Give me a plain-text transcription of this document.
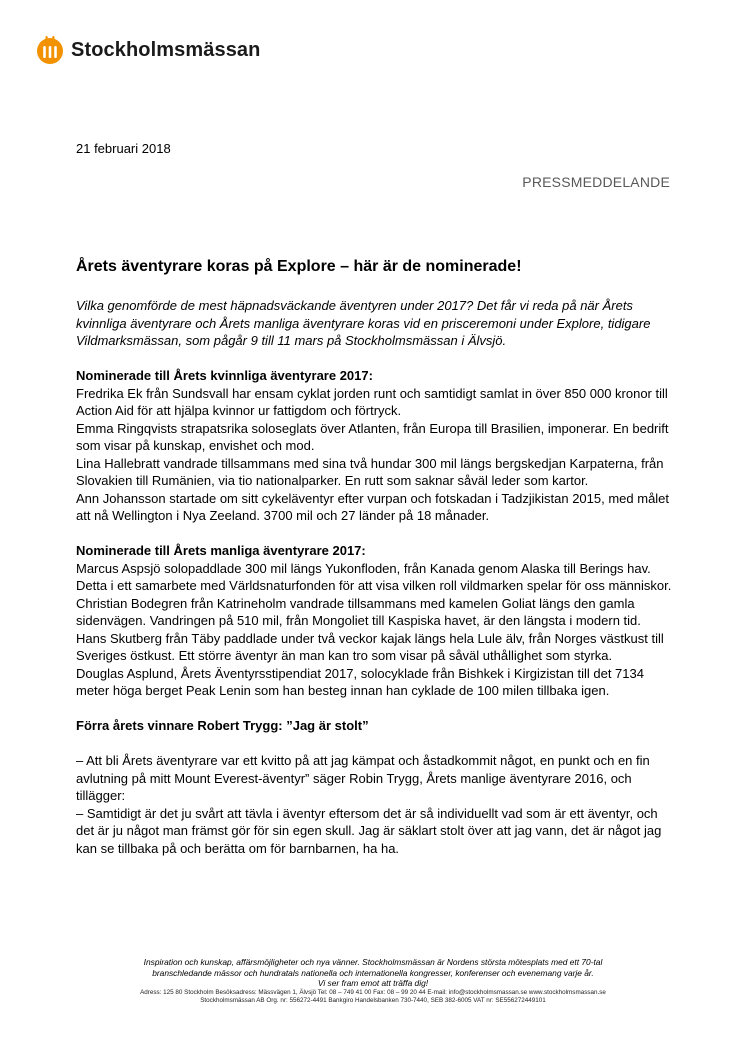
Stockholmsmässan
21 februari 2018
PRESSMEDDELANDE
Årets äventyrare koras på Explore – här är de nominerade!

Vilka genomförde de mest häpnadsväckande äventyren under 2017? Det får vi reda på när Årets kvinnliga äventyrare och Årets manliga äventyrare koras vid en prisceremoni under Explore, tidigare Vildmarksmässan, som pågår 9 till 11 mars på Stockholmsmässan i Älvsjö.

Nominerade till Årets kvinnliga äventyrare 2017:

Fredrika Ek från Sundsvall har ensam cyklat jorden runt och samtidigt samlat in över 850 000 kronor till Action Aid för att hjälpa kvinnor ur fattigdom och förtryck.

Emma Ringqvists strapatsrika soloseglats över Atlanten, från Europa till Brasilien, imponerar. En bedrift som visar på kunskap, envishet och mod.

Lina Hallebratt vandrade tillsammans med sina två hundar 300 mil längs bergskedjan Karpaterna, från Slovakien till Rumänien, via tio nationalparker. En rutt som saknar såväl leder som kartor.

Ann Johansson startade om sitt cykeläventyr efter vurpan och fotskadan i Tadzjikistan 2015, med målet att nå Wellington i Nya Zeeland. 3700 mil och 27 länder på 18 månader.

Nominerade till Årets manliga äventyrare 2017:

Marcus Aspsjö solopaddlade 300 mil längs Yukonfloden, från Kanada genom Alaska till Berings hav. Detta i ett samarbete med Världsnaturfonden för att visa vilken roll vildmarken spelar för oss människor.

Christian Bodegren från Katrineholm vandrade tillsammans med kamelen Goliat längs den gamla sidenvägen. Vandringen på 510 mil, från Mongoliet till Kaspiska havet, är den längsta i modern tid.

Hans Skutberg från Täby paddlade under två veckor kajak längs hela Lule älv, från Norges västkust till Sveriges östkust. Ett större äventyr än man kan tro som visar på såväl uthållighet som styrka.

Douglas Asplund, Årets Äventyrsstipendiat 2017, solocyklade från Bishkek i Kirgizistan till det 7134 meter höga berget Peak Lenin som han besteg innan han cyklade de 100 milen tillbaka igen.

Förra årets vinnare Robert Trygg: ”Jag är stolt”

– Att bli Årets äventyrare var ett kvitto på att jag kämpat och åstadkommit något, en punkt och en fin avlutning på mitt Mount Everest-äventyr” säger Robin Trygg, Årets manlige äventyrare 2016, och tillägger:

– Samtidigt är det ju svårt att tävla i äventyr eftersom det är så individuellt vad som är ett äventyr, och det är ju något man främst gör för sin egen skull. Jag är säklart stolt över att jag vann, det är något jag kan se tillbaka på och berätta om för barnbarnen, ha ha.

Inspiration och kunskap, affärsmöjligheter och nya vänner. Stockholmsmässan är Nordens största mötesplats med ett 70-tal
branschledande mässor och hundratals nationella och internationella kongresser, konferenser och evenemang varje år.
Vi ser fram emot att träffa dig!
Adress: 125 80 Stockholm Besöksadress: Mässvägen 1, Älvsjö Tel: 08 – 749 41 00 Fax: 08 – 99 20 44 E-mail: info@stockholmsmassan.se www.stockholmsmassan.se
Stockholmsmässan AB Org. nr: 556272-4491 Bankgiro Handelsbanken 730-7440, SEB 382-6005 VAT nr: SE556272449101
